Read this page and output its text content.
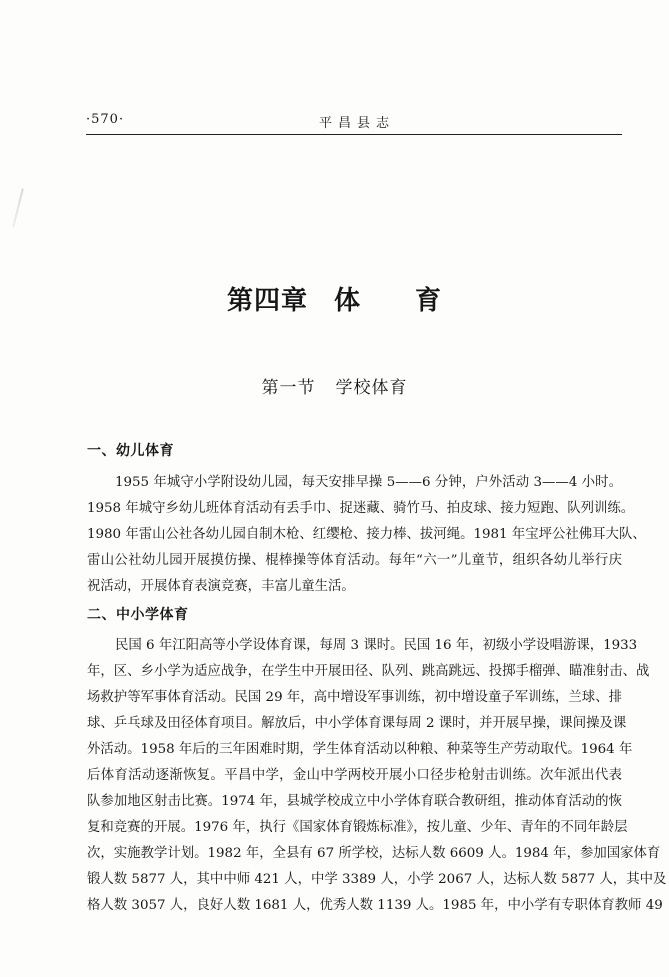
·570·	平昌县志
第四章 体 育
第一节 学校体育
一、幼儿体育
1955 年城守小学附设幼儿园，每天安排早操 5——6 分钟，户外活动 3——4 小时。
1958 年城守乡幼儿班体育活动有丢手巾、捉迷藏、骑竹马、拍皮球、接力短跑、队列训练。
1980 年雷山公社各幼儿园自制木枪、红缨枪、接力棒、拔河绳。1981 年宝坪公社佛耳大队、
雷山公社幼儿园开展摸仿操、棍棒操等体育活动。每年“六一”儿童节，组织各幼儿举行庆
祝活动，开展体育表演竞赛，丰富儿童生活。
二、中小学体育
民国 6 年江阳高等小学设体育课，每周 3 课时。民国 16 年，初级小学设唱游课，1933
年，区、乡小学为适应战争，在学生中开展田径、队列、跳高跳远、投掷手榴弹、瞄准射击、战
场救护等军事体育活动。民国 29 年，高中增设军事训练，初中增设童子军训练，兰球、排
球、乒乓球及田径体育项目。解放后，中小学体育课每周 2 课时，并开展早操，课间操及课
外活动。1958 年后的三年困难时期，学生体育活动以种粮、种菜等生产劳动取代。1964 年
后体育活动逐渐恢复。平昌中学，金山中学两校开展小口径步枪射击训练。次年派出代表
队参加地区射击比赛。1974 年，县城学校成立中小学体育联合教研组，推动体育活动的恢
复和竞赛的开展。1976 年，执行《国家体育锻炼标准》，按儿童、少年、青年的不同年龄层
次，实施教学计划。1982 年，全县有 67 所学校，达标人数 6609 人。1984 年，参加国家体育
锻人数 5877 人，其中中师 421 人，中学 3389 人，小学 2067 人，达标人数 5877 人，其中及
格人数 3057 人，良好人数 1681 人，优秀人数 1139 人。1985 年，中小学有专职体育教师 49
